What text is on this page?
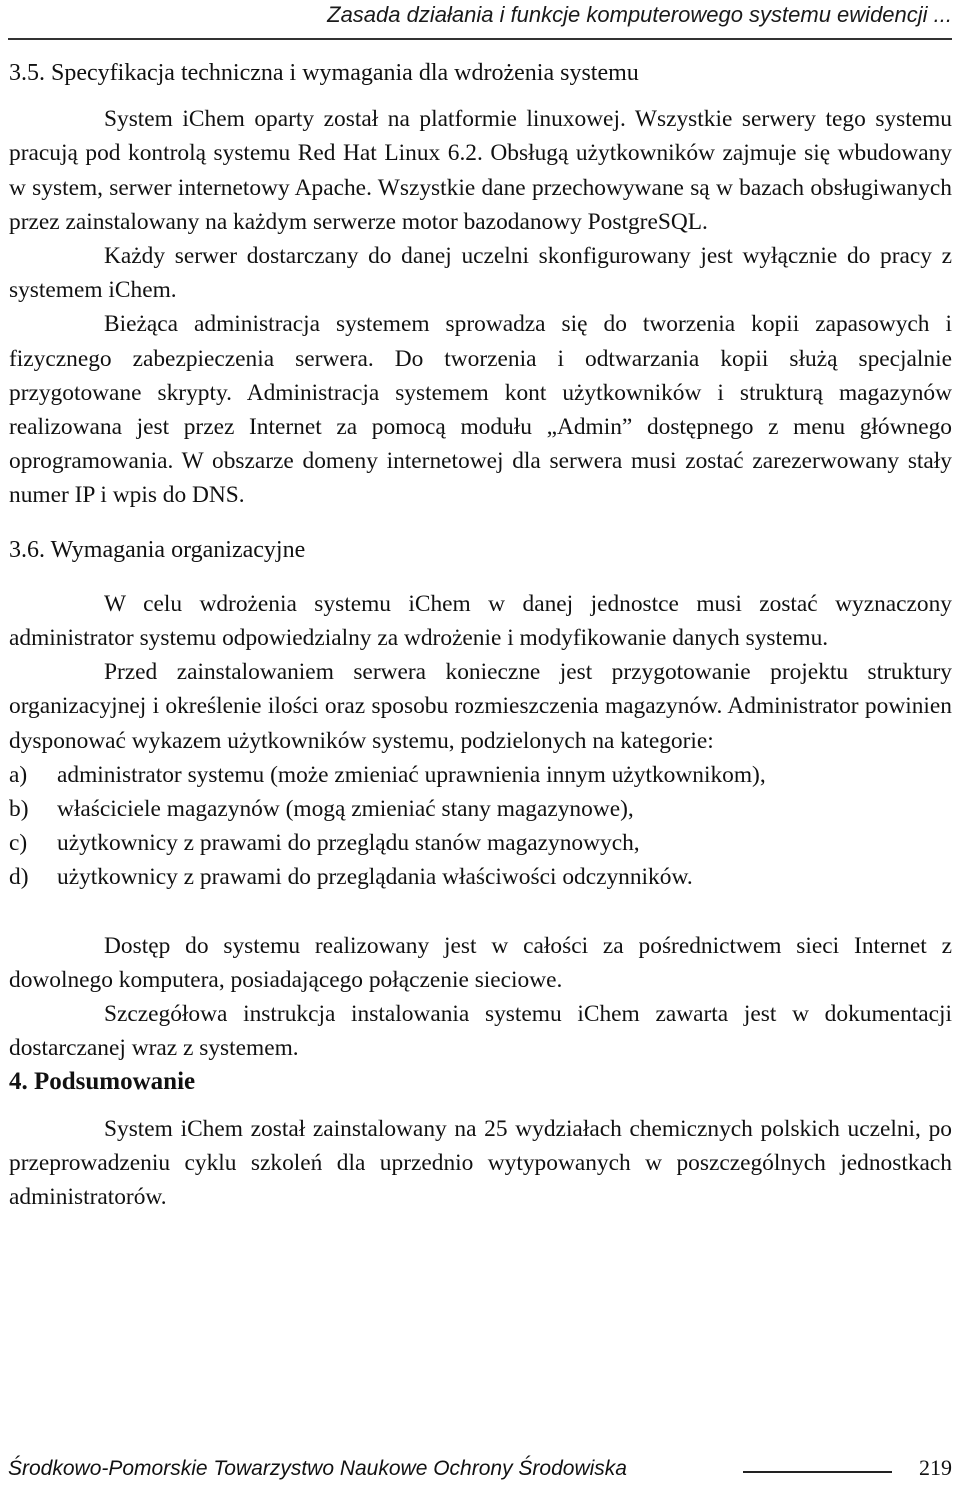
Zasada działania i funkcje komputerowego systemu ewidencji ...
3.5. Specyfikacja techniczna i wymagania dla wdrożenia systemu

System iChem oparty został na platformie linuxowej. Wszystkie serwery tego systemu pracują pod kontrolą systemu Red Hat Linux 6.2. Obsługą użytkowników zajmuje się wbudowany w system, serwer internetowy Apache. Wszystkie dane przechowywane są w bazach obsługiwanych przez zainstalowany na każdym serwerze motor bazodanowy PostgreSQL.

Każdy serwer dostarczany do danej uczelni skonfigurowany jest wyłącznie do pracy z systemem iChem.

Bieżąca administracja systemem sprowadza się do tworzenia kopii zapasowych i fizycznego zabezpieczenia serwera. Do tworzenia i odtwarzania kopii służą specjalnie przygotowane skrypty. Administracja systemem kont użytkowników i strukturą magazynów realizowana jest przez Internet za pomocą modułu „Admin” dostępnego z menu głównego oprogramowania. W obszarze domeny internetowej dla serwera musi zostać zarezerwowany stały numer IP i wpis do DNS.

3.6. Wymagania organizacyjne

W celu wdrożenia systemu iChem w danej jednostce musi zostać wyznaczony administrator systemu odpowiedzialny za wdrożenie i modyfikowanie danych systemu.

Przed zainstalowaniem serwera konieczne jest przygotowanie projektu struktury organizacyjnej i określenie ilości oraz sposobu rozmieszczenia magazynów. Administrator powinien dysponować wykazem użytkowników systemu, podzielonych na kategorie:

a)	administrator systemu (może zmieniać uprawnienia innym użytkownikom),
b)	właściciele magazynów (mogą zmieniać stany magazynowe),
c)	użytkownicy z prawami do przeglądu stanów magazynowych,
d)	użytkownicy z prawami do przeglądania właściwości odczynników.

Dostęp do systemu realizowany jest w całości za pośrednictwem sieci Internet z dowolnego komputera, posiadającego połączenie sieciowe.

Szczegółowa instrukcja instalowania systemu iChem zawarta jest w dokumentacji dostarczanej wraz z systemem.

4. Podsumowanie

System iChem został zainstalowany na 25 wydziałach chemicznych polskich uczelni, po przeprowadzeniu cyklu szkoleń dla uprzednio wytypowanych w poszczególnych jednostkach administratorów.

Środkowo-Pomorskie Towarzystwo Naukowe Ochrony Środowiska	219
